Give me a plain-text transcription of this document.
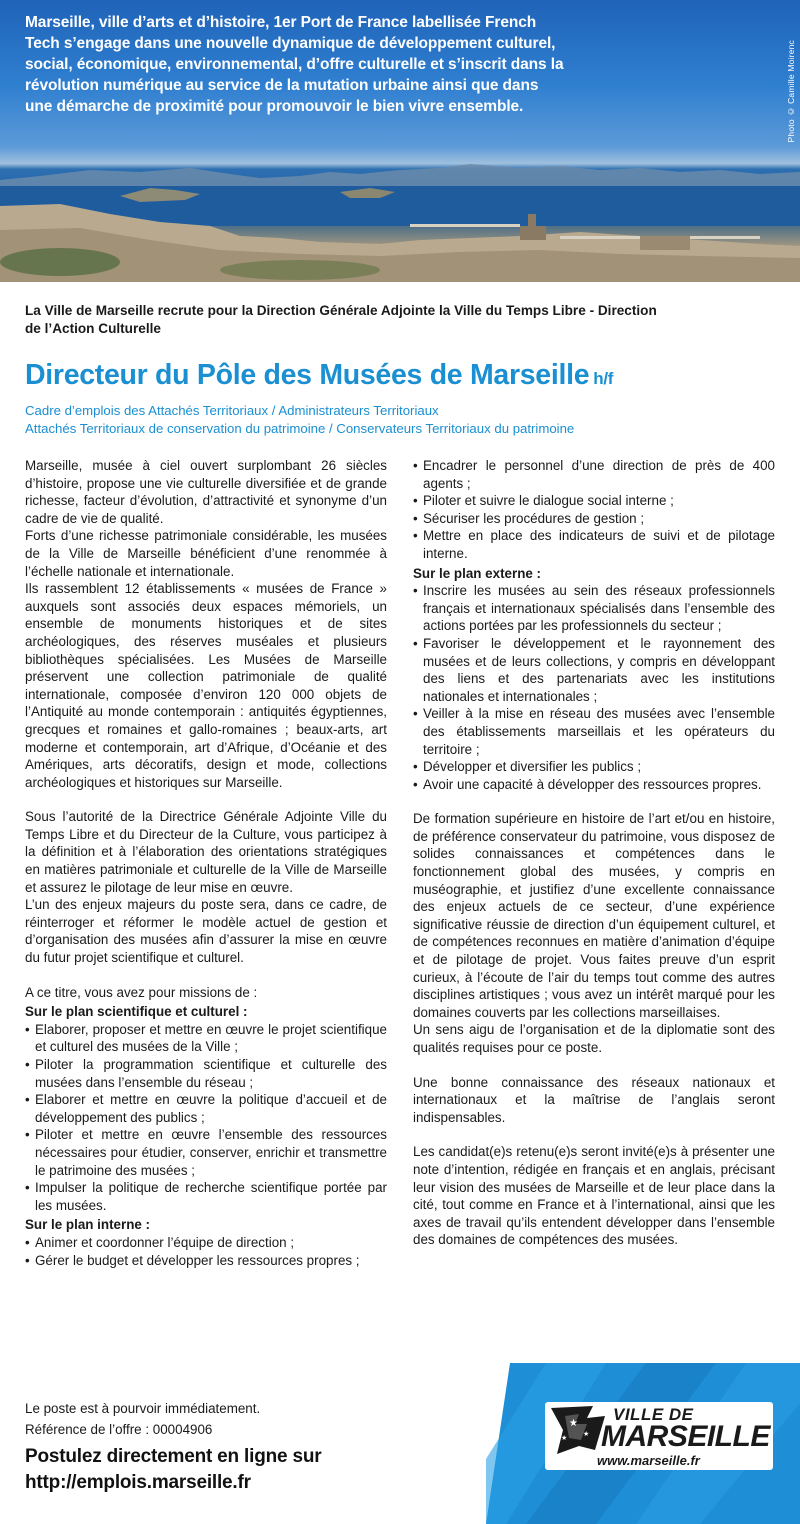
Marseille, ville d’arts et d’histoire, 1er Port de France labellisée French Tech s’engage dans une nouvelle dynamique de développement culturel, social, économique, environnemental, d’offre culturelle et s’inscrit dans la révolution numérique au service de la mutation urbaine ainsi que dans une démarche de proximité pour promouvoir le bien vivre ensemble.	Photo © Camille Moirenc

La Ville de Marseille recrute pour la Direction Générale Adjointe la Ville du Temps Libre - Direction de l’Action Culturelle

Directeur du Pôle des Musées de Marseille h/f

Cadre d’emplois des Attachés Territoriaux / Administrateurs Territoriaux
Attachés Territoriaux de conservation du patrimoine / Conservateurs Territoriaux du patrimoine

Marseille, musée à ciel ouvert surplombant 26 siècles d’histoire, propose une vie culturelle diversifiée et de grande richesse, facteur d’évolution, d’attractivité et synonyme d’un cadre de vie de qualité.

Forts d’une richesse patrimoniale considérable, les musées de la Ville de Marseille bénéficient d’une renommée à l’échelle nationale et internationale.

Ils rassemblent 12 établissements « musées de France » auxquels sont associés deux espaces mémoriels, un ensemble de monuments historiques et de sites archéologiques, des réserves muséales et plusieurs bibliothèques spécialisées. Les Musées de Marseille préservent une collection patrimoniale de qualité internationale, composée d’environ 120 000 objets de l’Antiquité au monde contemporain : antiquités égyptiennes, grecques et romaines et gallo-romaines ; beaux-arts, art moderne et contemporain, art d’Afrique, d’Océanie et des Amériques, arts décoratifs, design et mode, collections archéologiques et historiques sur Marseille.

Sous l’autorité de la Directrice Générale Adjointe Ville du Temps Libre et du Directeur de la Culture, vous participez à la définition et à l’élaboration des orientations stratégiques en matières patrimoniale et culturelle de la Ville de Marseille et assurez le pilotage de leur mise en œuvre.

L’un des enjeux majeurs du poste sera, dans ce cadre, de réinterroger et réformer le modèle actuel de gestion et d’organisation des musées afin d’assurer la mise en œuvre du futur projet scientifique et culturel.

A ce titre, vous avez pour missions de :

Sur le plan scientifique et culturel :

• Elaborer, proposer et mettre en œuvre le projet scientifique et culturel des musées de la Ville ;
• Piloter la programmation scientifique et culturelle des musées dans l’ensemble du réseau ;
• Elaborer et mettre en œuvre la politique d’accueil et de développement des publics ;
• Piloter et mettre en œuvre l’ensemble des ressources nécessaires pour étudier, conserver, enrichir et transmettre le patrimoine des musées ;
• Impulser la politique de recherche scientifique portée par les musées.

Sur le plan interne :

• Animer et coordonner l’équipe de direction ;
• Gérer le budget et développer les ressources propres ;
• Encadrer le personnel d’une direction de près de 400 agents ;
• Piloter et suivre le dialogue social interne ;
• Sécuriser les procédures de gestion ;
• Mettre en place des indicateurs de suivi et de pilotage interne.

Sur le plan externe :

• Inscrire les musées au sein des réseaux professionnels français et internationaux spécialisés dans l’ensemble des actions portées par les professionnels du secteur ;
• Favoriser le développement et le rayonnement des musées et de leurs collections, y compris en développant des liens et des partenariats avec les institutions nationales et internationales ;
• Veiller à la mise en réseau des musées avec l’ensemble des établissements marseillais et les opérateurs du territoire ;
• Développer et diversifier les publics ;
• Avoir une capacité à développer des ressources propres.

De formation supérieure en histoire de l’art et/ou en histoire, de préférence conservateur du patrimoine, vous disposez de solides connaissances et compétences dans le fonctionnement global des musées, y compris en muséographie, et justifiez d’une excellente connaissance des enjeux actuels de ce secteur, d’une expérience significative réussie de direction d’un équipement culturel, et de compétences reconnues en matière d’animation d’équipe et de pilotage de projet. Vous faites preuve d’un esprit curieux, à l’écoute de l’air du temps tout comme des autres disciplines artistiques ; vous avez un intérêt marqué pour les domaines couverts par les collections marseillaises.

Un sens aigu de l’organisation et de la diplomatie sont des qualités requises pour ce poste.

Une bonne connaissance des réseaux nationaux et internationaux et la maîtrise de l’anglais seront indispensables.

Les candidat(e)s retenu(e)s seront invité(e)s à présenter une note d’intention, rédigée en français et en anglais, précisant leur vision des musées de Marseille et de leur place dans la cité, tout comme en France et à l’international, ainsi que les axes de travail qu’ils entendent développer dans l’ensemble des domaines de compétences des musées.

Le poste est à pourvoir immédiatement.

Référence de l’offre : 00004906

Postulez directement en ligne sur
http://emplois.marseille.fr

★
★
★
VILLE DE
MARSEILLE
www.marseille.fr
